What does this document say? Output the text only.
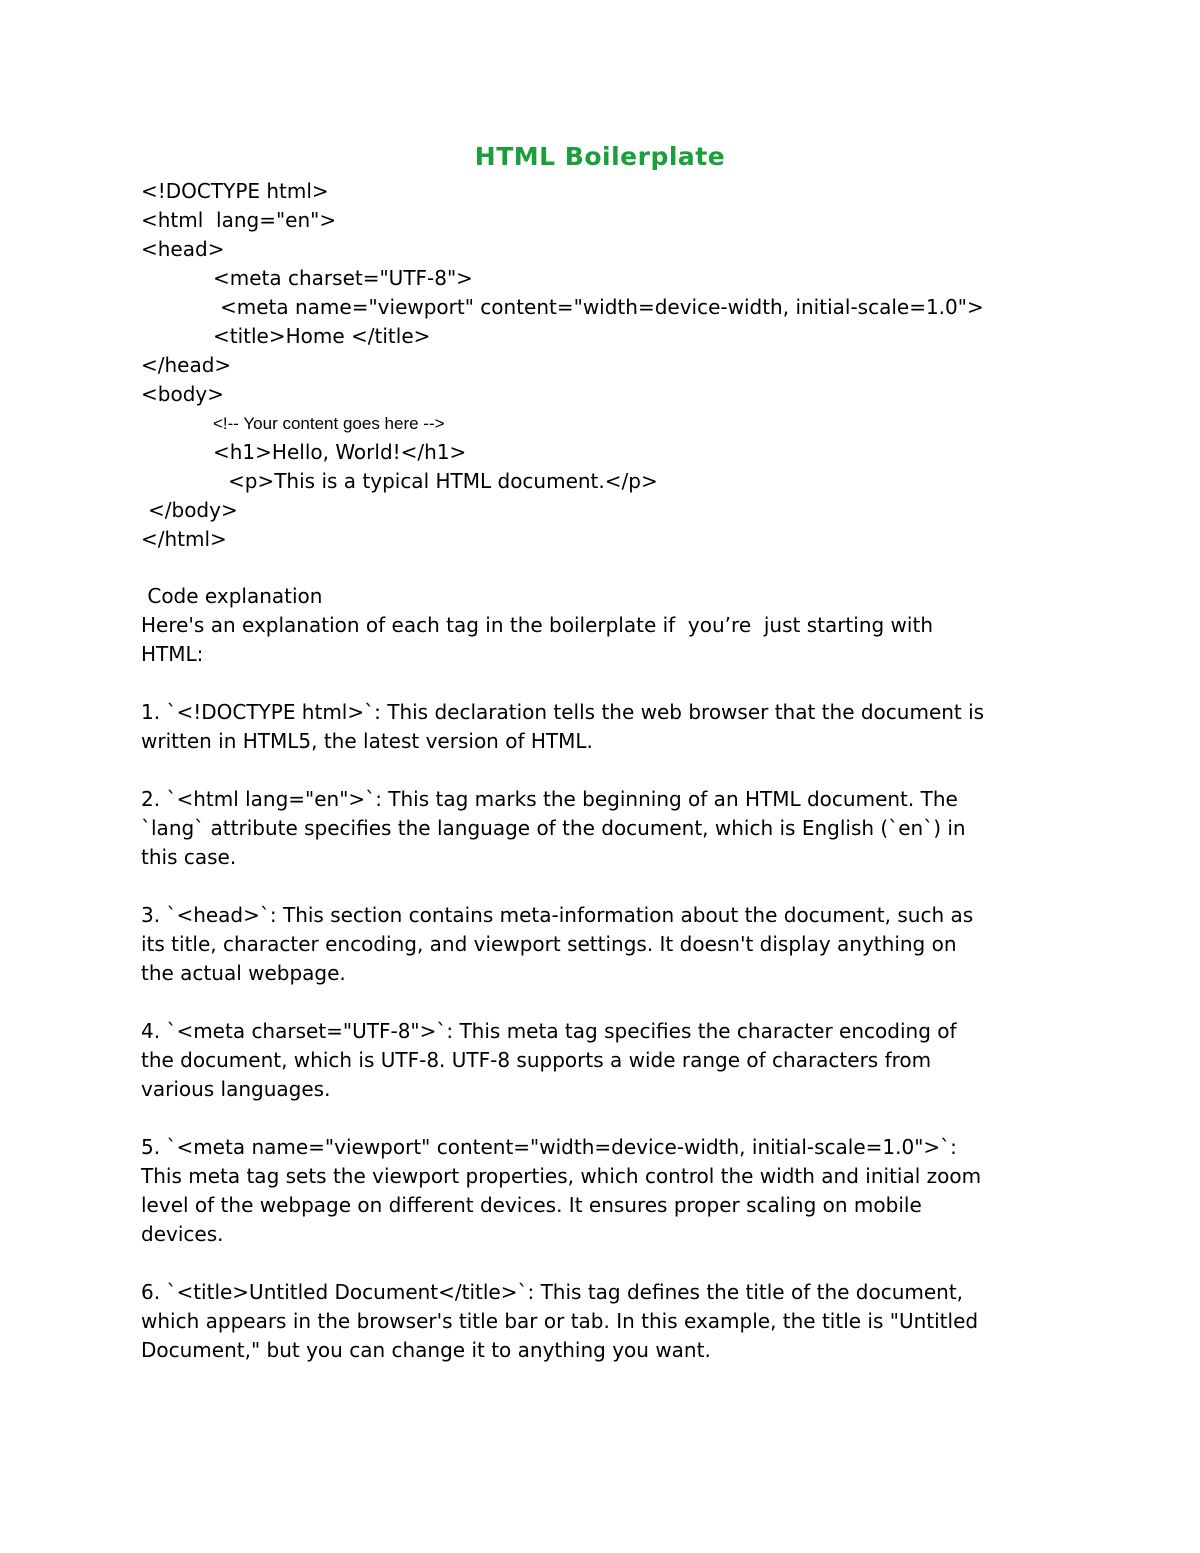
HTML Boilerplate
<!DOCTYPE html>
<html  lang="en">
<head>
<meta charset="UTF-8">
<meta name="viewport" content="width=device-width, initial-scale=1.0">
<title>Home </title>
</head>
<body>
<!-- Your content goes here -->
<h1>Hello, World!</h1>
<p>This is a typical HTML document.</p>
</body>
</html>
Code explanation
Here's an explanation of each tag in the boilerplate if  you’re  just starting with
HTML:
1. `<!DOCTYPE html>`: This declaration tells the web browser that the document is
written in HTML5, the latest version of HTML.
2. `<html lang="en">`: This tag marks the beginning of an HTML document. The
`lang` attribute specifies the language of the document, which is English (`en`) in
this case.
3. `<head>`: This section contains meta-information about the document, such as
its title, character encoding, and viewport settings. It doesn't display anything on
the actual webpage.
4. `<meta charset="UTF-8">`: This meta tag specifies the character encoding of
the document, which is UTF-8. UTF-8 supports a wide range of characters from
various languages.
5. `<meta name="viewport" content="width=device-width, initial-scale=1.0">`:
This meta tag sets the viewport properties, which control the width and initial zoom
level of the webpage on different devices. It ensures proper scaling on mobile
devices.
6. `<title>Untitled Document</title>`: This tag defines the title of the document,
which appears in the browser's title bar or tab. In this example, the title is "Untitled
Document," but you can change it to anything you want.
